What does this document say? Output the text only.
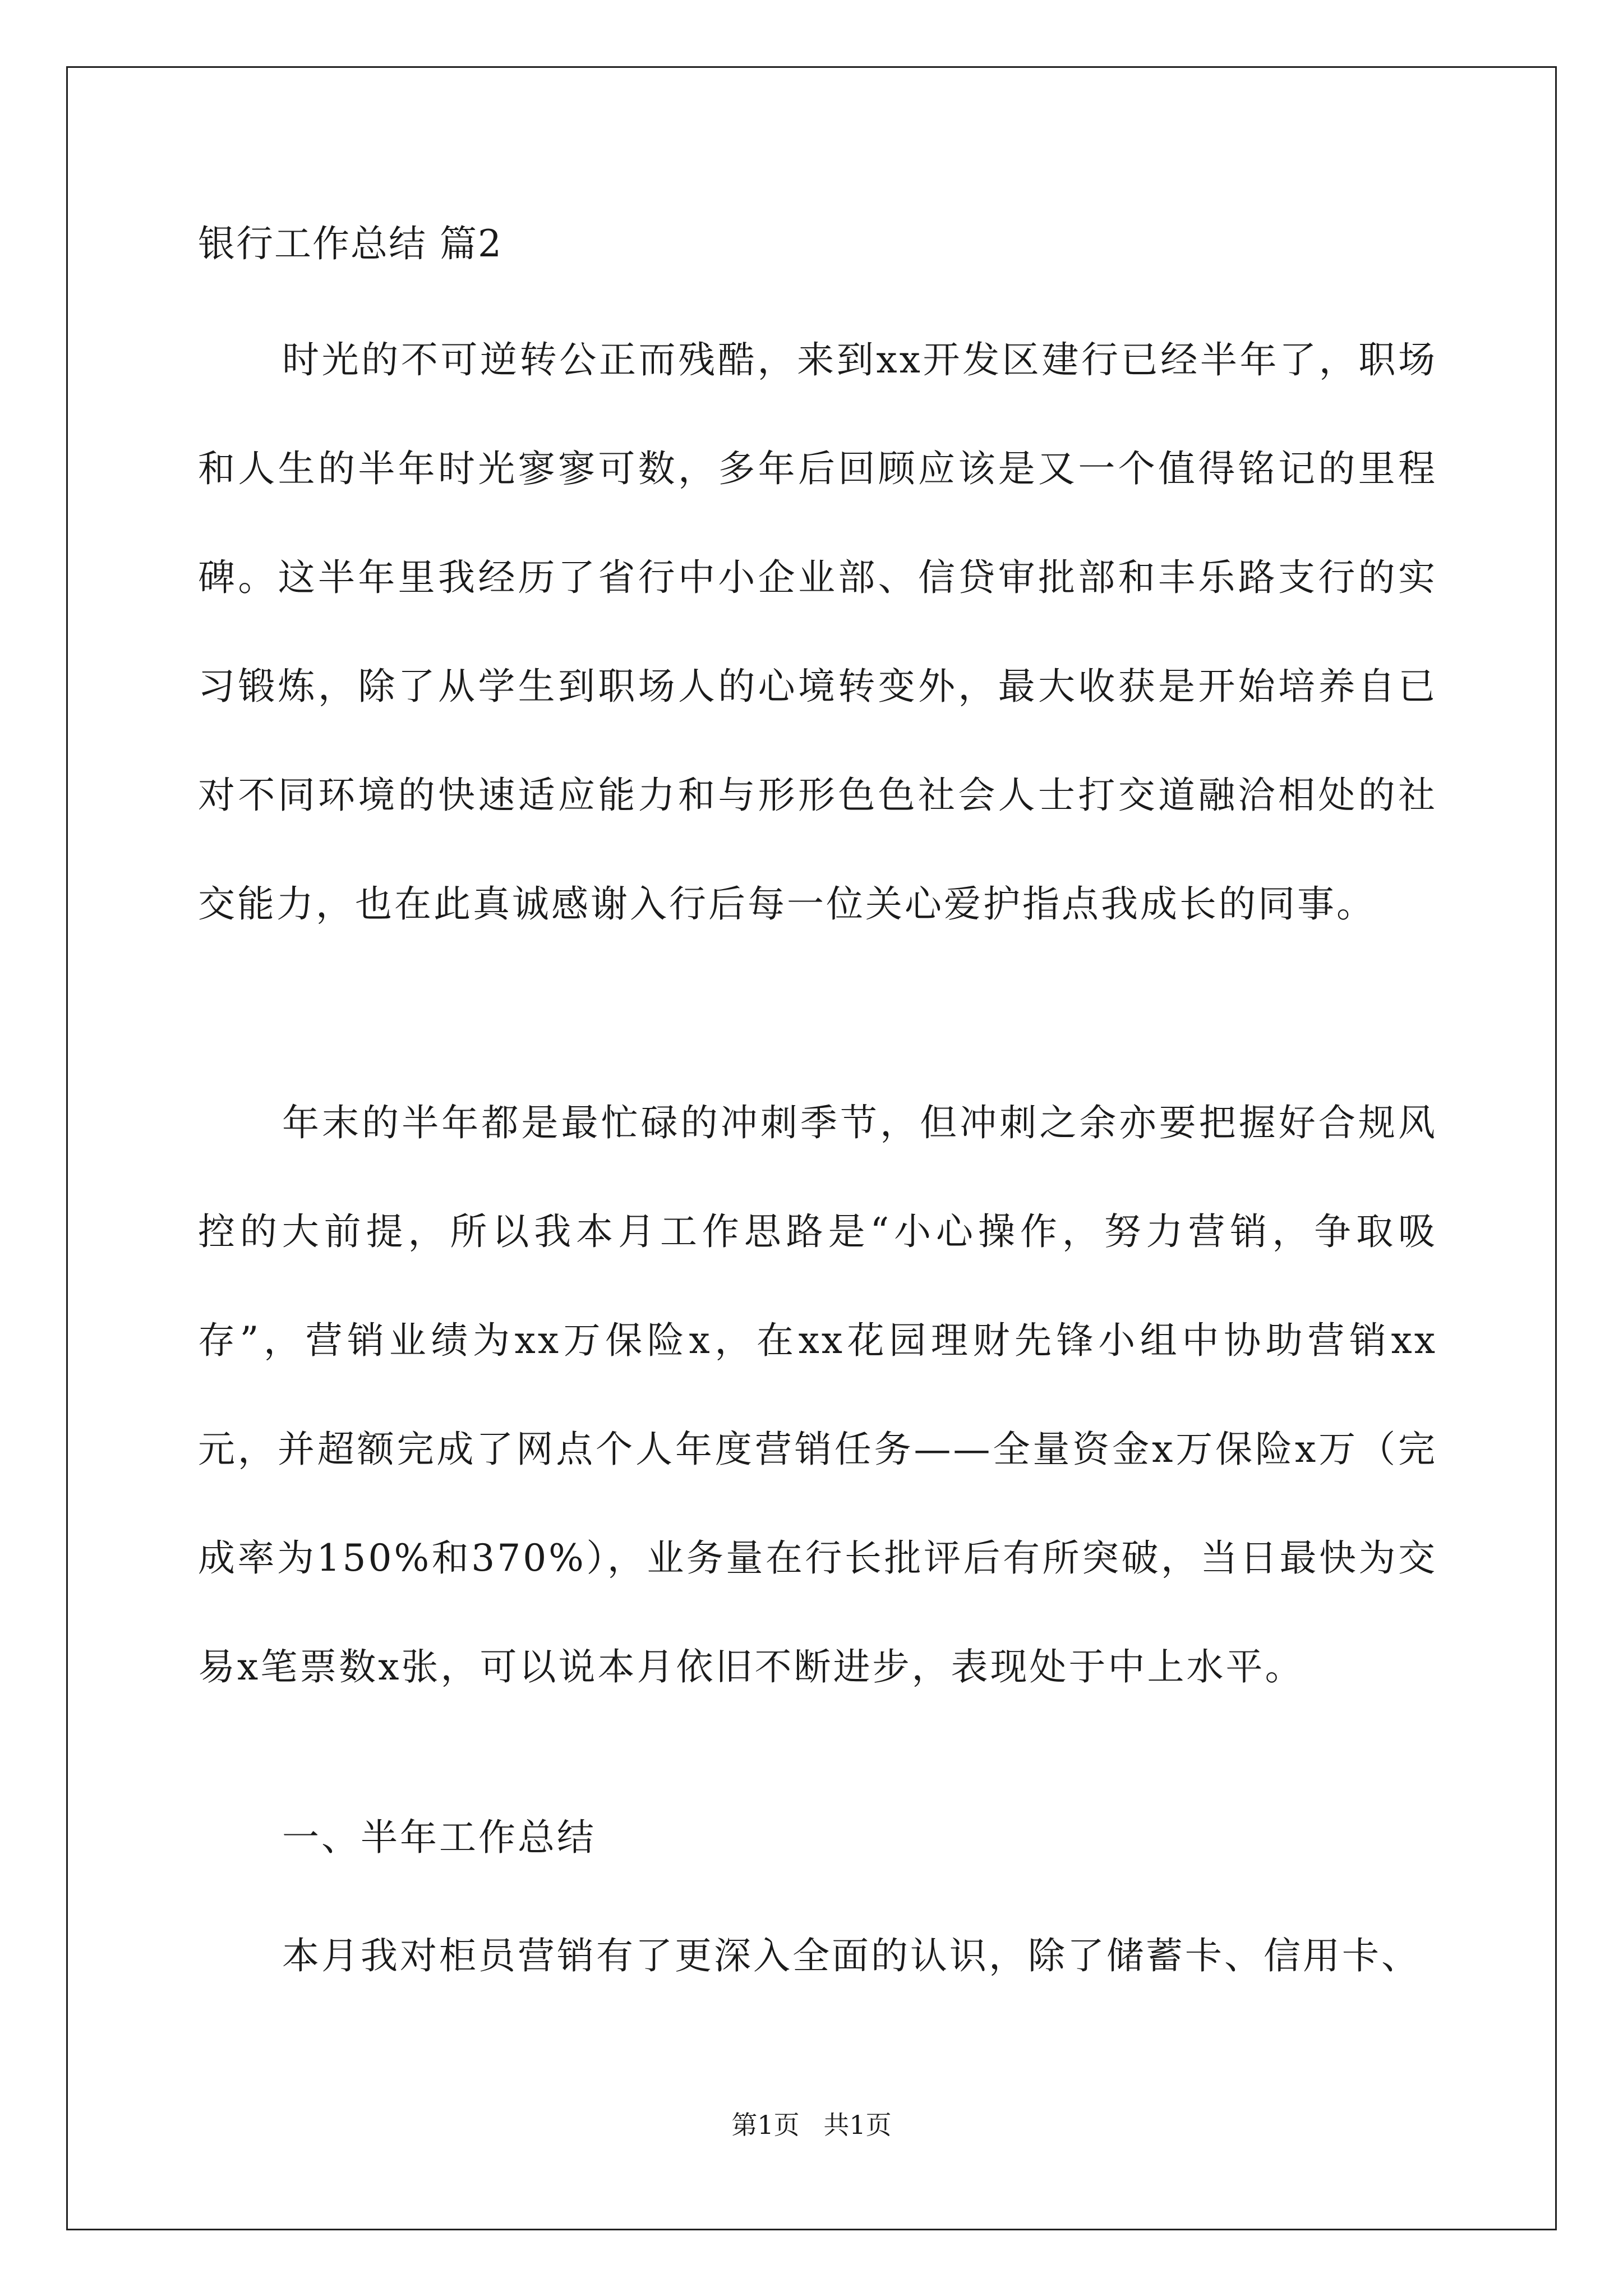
银行工作总结 篇2

时光的不可逆转公正而残酷，来到xx开发区建行已经半年了，职场和人生的半年时光寥寥可数，多年后回顾应该是又一个值得铭记的里程碑。这半年里我经历了省行中小企业部、信贷审批部和丰乐路支行的实习锻炼，除了从学生到职场人的心境转变外，最大收获是开始培养自已对不同环境的快速适应能力和与形形色色社会人士打交道融洽相处的社交能力，也在此真诚感谢入行后每一位关心爱护指点我成长的同事。

年末的半年都是最忙碌的冲刺季节，但冲刺之余亦要把握好合规风控的大前提，所以我本月工作思路是“小心操作，努力营销，争取吸存”，营销业绩为xx万保险x，在xx花园理财先锋小组中协助营销xx元，并超额完成了网点个人年度营销任务——全量资金x万保险x万（完成率为150%和370%），业务量在行长批评后有所突破，当日最快为交易x笔票数x张，可以说本月依旧不断进步，表现处于中上水平。

一、半年工作总结

本月我对柜员营销有了更深入全面的认识，除了储蓄卡、信用卡、

第1页 共1页
